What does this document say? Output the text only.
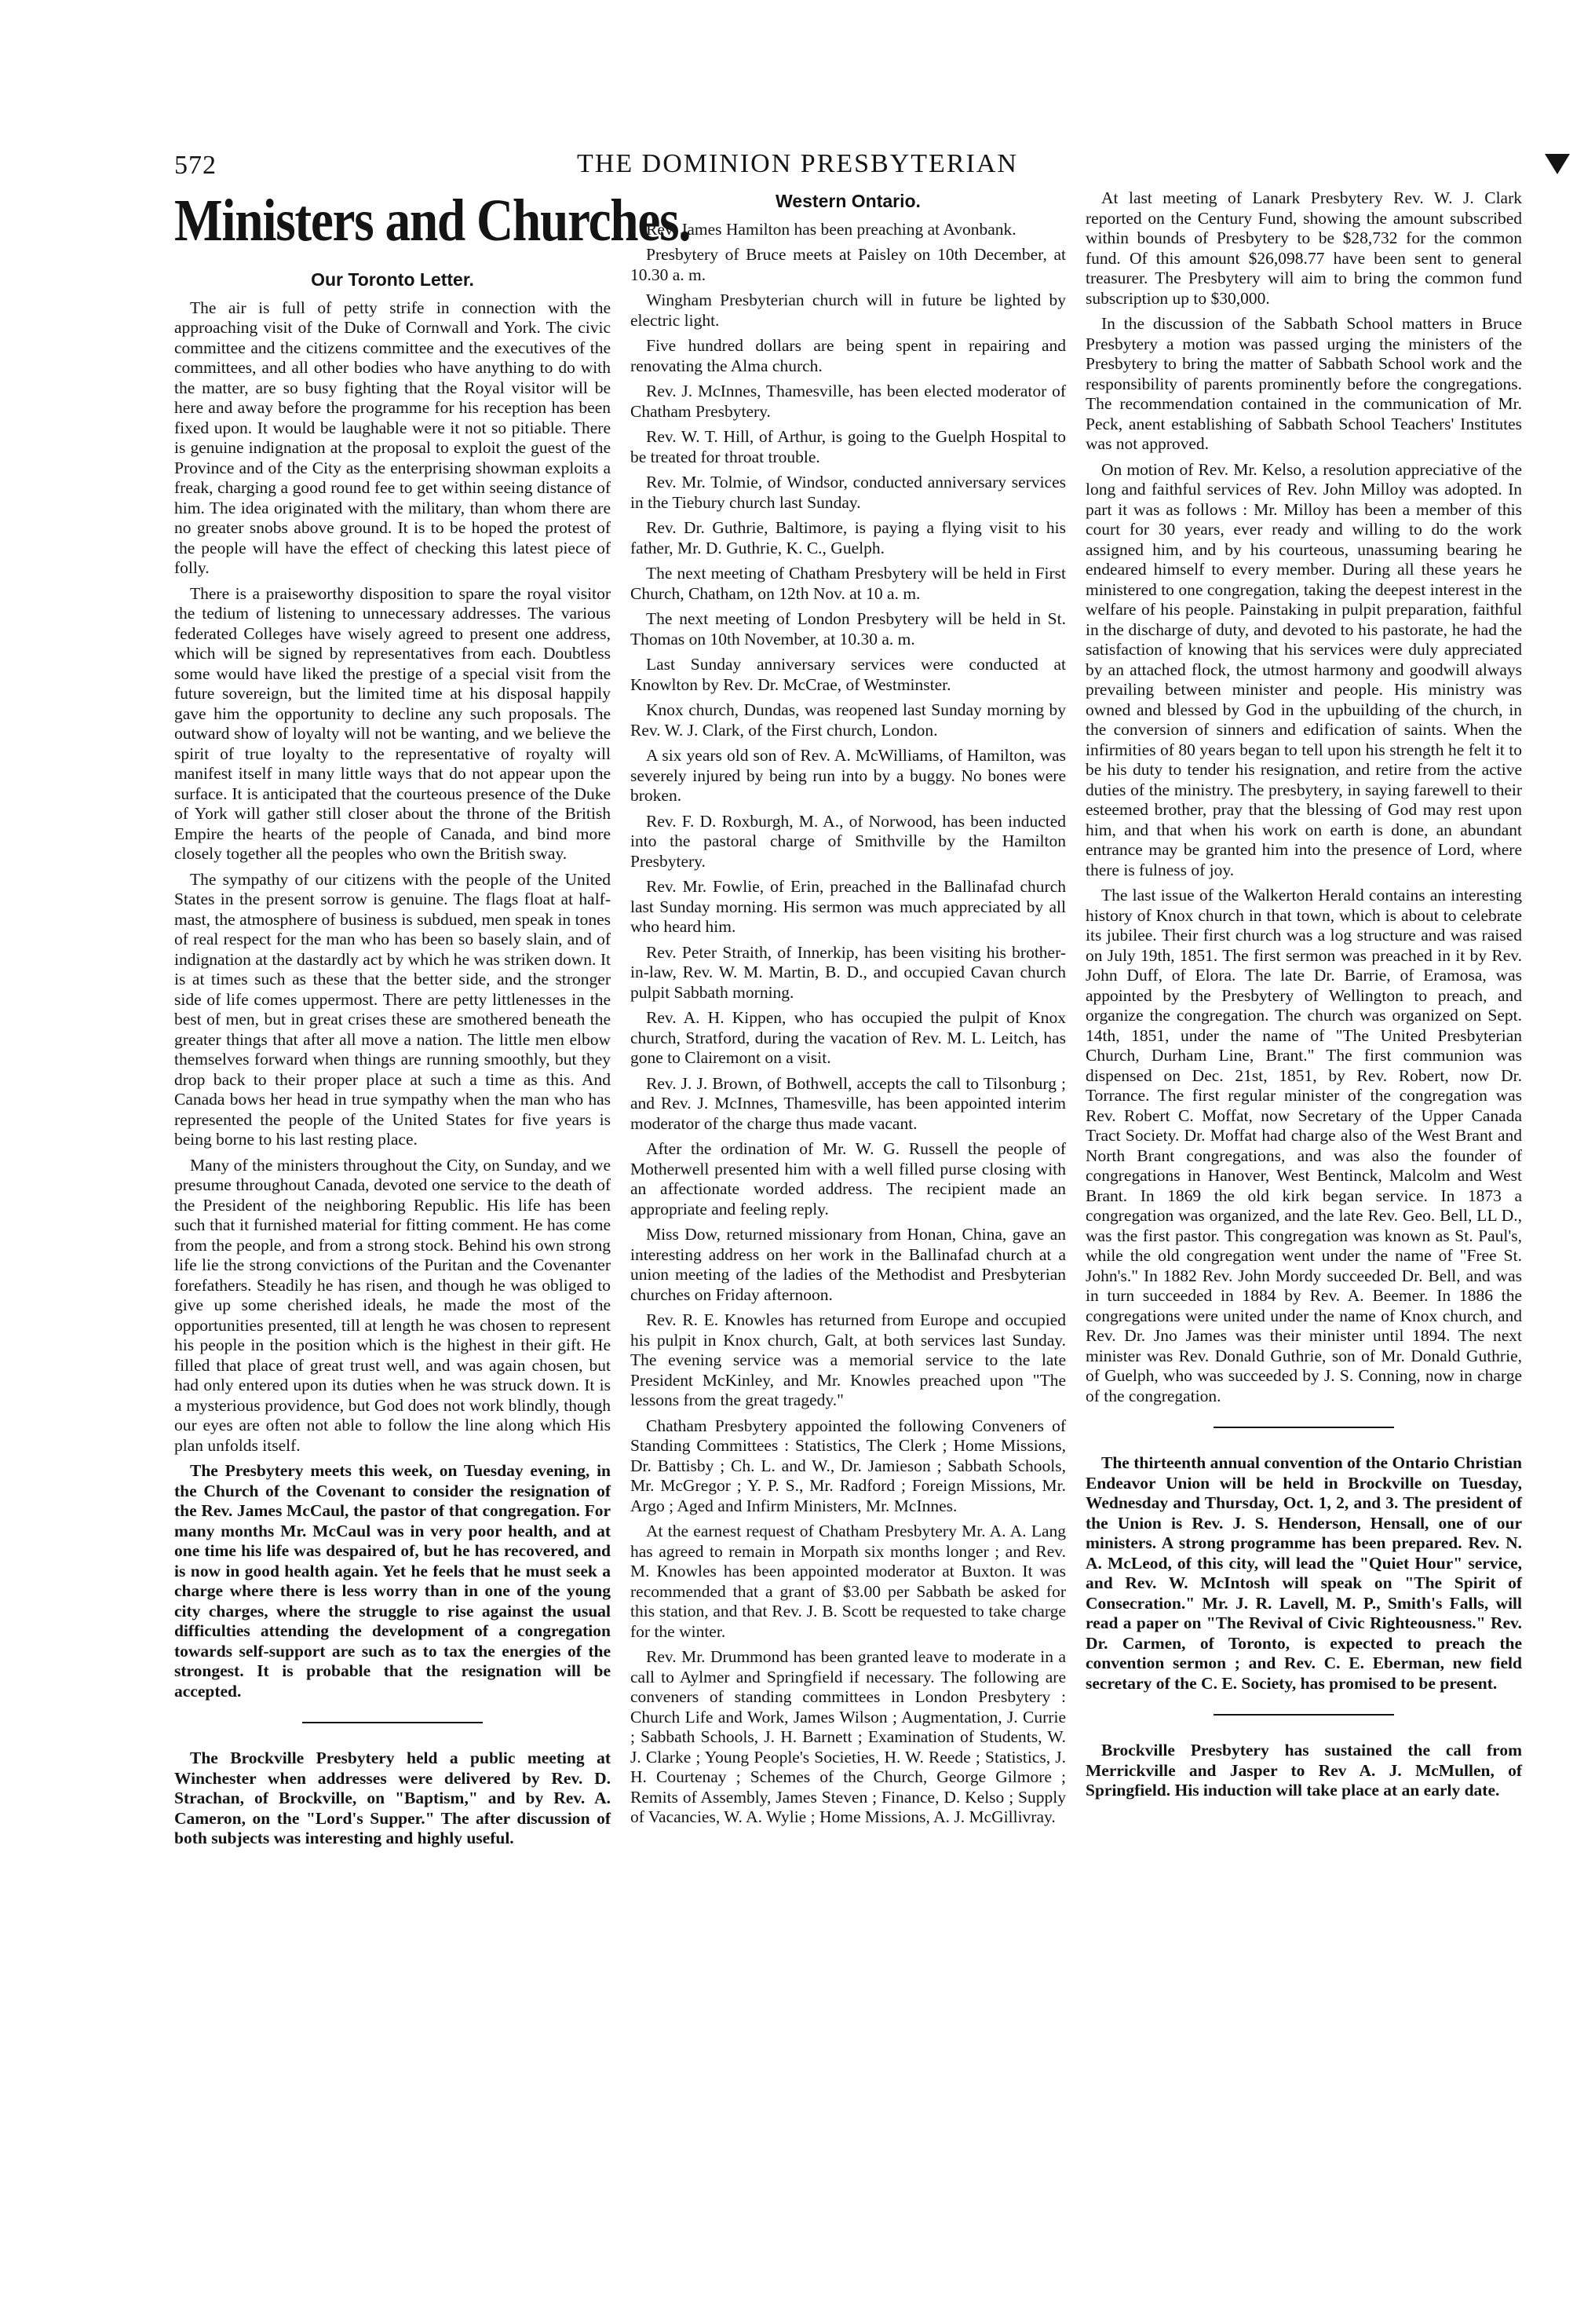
572	THE DOMINION PRESBYTERIAN
Ministers and Churches.
Our Toronto Letter.

The air is full of petty strife in connection with the approaching visit of the Duke of Cornwall and York. The civic committee and the citizens committee and the executives of the committees, and all other bodies who have anything to do with the matter, are so busy fighting that the Royal visitor will be here and away before the programme for his reception has been fixed upon. It would be laughable were it not so pitiable. There is genuine indignation at the proposal to exploit the guest of the Province and of the City as the enterprising showman exploits a freak, charging a good round fee to get within seeing distance of him. The idea originated with the military, than whom there are no greater snobs above ground. It is to be hoped the protest of the people will have the effect of checking this latest piece of folly.

There is a praiseworthy disposition to spare the royal visitor the tedium of listening to unnecessary addresses. The various federated Colleges have wisely agreed to present one address, which will be signed by representatives from each. Doubtless some would have liked the prestige of a special visit from the future sovereign, but the limited time at his disposal happily gave him the opportunity to decline any such proposals. The outward show of loyalty will not be wanting, and we believe the spirit of true loyalty to the representative of royalty will manifest itself in many little ways that do not appear upon the surface. It is anticipated that the courteous presence of the Duke of York will gather still closer about the throne of the British Empire the hearts of the people of Canada, and bind more closely together all the peoples who own the British sway.

The sympathy of our citizens with the people of the United States in the present sorrow is genuine. The flags float at half-mast, the atmosphere of business is subdued, men speak in tones of real respect for the man who has been so basely slain, and of indignation at the dastardly act by which he was striken down. It is at times such as these that the better side, and the stronger side of life comes uppermost. There are petty littlenesses in the best of men, but in great crises these are smothered beneath the greater things that after all move a nation. The little men elbow themselves forward when things are running smoothly, but they drop back to their proper place at such a time as this. And Canada bows her head in true sympathy when the man who has represented the people of the United States for five years is being borne to his last resting place.

Many of the ministers throughout the City, on Sunday, and we presume throughout Canada, devoted one service to the death of the President of the neighboring Republic. His life has been such that it furnished material for fitting comment. He has come from the people, and from a strong stock. Behind his own strong life lie the strong convictions of the Puritan and the Covenanter forefathers. Steadily he has risen, and though he was obliged to give up some cherished ideals, he made the most of the opportunities presented, till at length he was chosen to represent his people in the position which is the highest in their gift. He filled that place of great trust well, and was again chosen, but had only entered upon its duties when he was struck down. It is a mysterious providence, but God does not work blindly, though our eyes are often not able to follow the line along which His plan unfolds itself.

The Presbytery meets this week, on Tuesday evening, in the Church of the Covenant to consider the resignation of the Rev. James McCaul, the pastor of that congregation. For many months Mr. McCaul was in very poor health, and at one time his life was despaired of, but he has recovered, and is now in good health again. Yet he feels that he must seek a charge where there is less worry than in one of the young city charges, where the struggle to rise against the usual difficulties attending the development of a congregation towards self-support are such as to tax the energies of the strongest. It is probable that the resignation will be accepted.

The Brockville Presbytery held a public meeting at Winchester when addresses were delivered by Rev. D. Strachan, of Brockville, on "Baptism," and by Rev. A. Cameron, on the "Lord's Supper." The after discussion of both subjects was interesting and highly useful.

Western Ontario.

Rev. James Hamilton has been preaching at Avonbank.

Presbytery of Bruce meets at Paisley on 10th December, at 10.30 a. m.

Wingham Presbyterian church will in future be lighted by electric light.

Five hundred dollars are being spent in repairing and renovating the Alma church.

Rev. J. McInnes, Thamesville, has been elected moderator of Chatham Presbytery.

Rev. W. T. Hill, of Arthur, is going to the Guelph Hospital to be treated for throat trouble.

Rev. Mr. Tolmie, of Windsor, conducted anniversary services in the Tiebury church last Sunday.

Rev. Dr. Guthrie, Baltimore, is paying a flying visit to his father, Mr. D. Guthrie, K. C., Guelph.

The next meeting of Chatham Presbytery will be held in First Church, Chatham, on 12th Nov. at 10 a. m.

The next meeting of London Presbytery will be held in St. Thomas on 10th November, at 10.30 a. m.

Last Sunday anniversary services were conducted at Knowlton by Rev. Dr. McCrae, of Westminster.

Knox church, Dundas, was reopened last Sunday morning by Rev. W. J. Clark, of the First church, London.

A six years old son of Rev. A. McWilliams, of Hamilton, was severely injured by being run into by a buggy. No bones were broken.

Rev. F. D. Roxburgh, M. A., of Norwood, has been inducted into the pastoral charge of Smithville by the Hamilton Presbytery.

Rev. Mr. Fowlie, of Erin, preached in the Ballinafad church last Sunday morning. His sermon was much appreciated by all who heard him.

Rev. Peter Straith, of Innerkip, has been visiting his brother-in-law, Rev. W. M. Martin, B. D., and occupied Cavan church pulpit Sabbath morning.

Rev. A. H. Kippen, who has occupied the pulpit of Knox church, Stratford, during the vacation of Rev. M. L. Leitch, has gone to Clairemont on a visit.

Rev. J. J. Brown, of Bothwell, accepts the call to Tilsonburg ; and Rev. J. McInnes, Thamesville, has been appointed interim moderator of the charge thus made vacant.

After the ordination of Mr. W. G. Russell the people of Motherwell presented him with a well filled purse closing with an affectionate worded address. The recipient made an appropriate and feeling reply.

Miss Dow, returned missionary from Honan, China, gave an interesting address on her work in the Ballinafad church at a union meeting of the ladies of the Methodist and Presbyterian churches on Friday afternoon.

Rev. R. E. Knowles has returned from Europe and occupied his pulpit in Knox church, Galt, at both services last Sunday. The evening service was a memorial service to the late President McKinley, and Mr. Knowles preached upon "The lessons from the great tragedy."

Chatham Presbytery appointed the following Conveners of Standing Committees : Statistics, The Clerk ; Home Missions, Dr. Battisby ; Ch. L. and W., Dr. Jamieson ; Sabbath Schools, Mr. McGregor ; Y. P. S., Mr. Radford ; Foreign Missions, Mr. Argo ; Aged and Infirm Ministers, Mr. McInnes.

At the earnest request of Chatham Presbytery Mr. A. A. Lang has agreed to remain in Morpath six months longer ; and Rev. M. Knowles has been appointed moderator at Buxton. It was recommended that a grant of $3.00 per Sabbath be asked for this station, and that Rev. J. B. Scott be requested to take charge for the winter.

Rev. Mr. Drummond has been granted leave to moderate in a call to Aylmer and Springfield if necessary. The following are conveners of standing committees in London Presbytery : Church Life and Work, James Wilson ; Augmentation, J. Currie ; Sabbath Schools, J. H. Barnett ; Examination of Students, W. J. Clarke ; Young People's Societies, H. W. Reede ; Statistics, J. H. Courtenay ; Schemes of the Church, George Gilmore ; Remits of Assembly, James Steven ; Finance, D. Kelso ; Supply of Vacancies, W. A. Wylie ; Home Missions, A. J. McGillivray.

At last meeting of Lanark Presbytery Rev. W. J. Clark reported on the Century Fund, showing the amount subscribed within bounds of Presbytery to be $28,732 for the common fund. Of this amount $26,098.77 have been sent to general treasurer. The Presbytery will aim to bring the common fund subscription up to $30,000.

In the discussion of the Sabbath School matters in Bruce Presbytery a motion was passed urging the ministers of the Presbytery to bring the matter of Sabbath School work and the responsibility of parents prominently before the congregations. The recommendation contained in the communication of Mr. Peck, anent establishing of Sabbath School Teachers' Institutes was not approved.

On motion of Rev. Mr. Kelso, a resolution appreciative of the long and faithful services of Rev. John Milloy was adopted. In part it was as follows : Mr. Milloy has been a member of this court for 30 years, ever ready and willing to do the work assigned him, and by his courteous, unassuming bearing he endeared himself to every member. During all these years he ministered to one congregation, taking the deepest interest in the welfare of his people. Painstaking in pulpit preparation, faithful in the discharge of duty, and devoted to his pastorate, he had the satisfaction of knowing that his services were duly appreciated by an attached flock, the utmost harmony and goodwill always prevailing between minister and people. His ministry was owned and blessed by God in the upbuilding of the church, in the conversion of sinners and edification of saints. When the infirmities of 80 years began to tell upon his strength he felt it to be his duty to tender his resignation, and retire from the active duties of the ministry. The presbytery, in saying farewell to their esteemed brother, pray that the blessing of God may rest upon him, and that when his work on earth is done, an abundant entrance may be granted him into the presence of Lord, where there is fulness of joy.

The last issue of the Walkerton Herald contains an interesting history of Knox church in that town, which is about to celebrate its jubilee. Their first church was a log structure and was raised on July 19th, 1851. The first sermon was preached in it by Rev. John Duff, of Elora. The late Dr. Barrie, of Eramosa, was appointed by the Presbytery of Wellington to preach, and organize the congregation. The church was organized on Sept. 14th, 1851, under the name of "The United Presbyterian Church, Durham Line, Brant." The first communion was dispensed on Dec. 21st, 1851, by Rev. Robert, now Dr. Torrance. The first regular minister of the congregation was Rev. Robert C. Moffat, now Secretary of the Upper Canada Tract Society. Dr. Moffat had charge also of the West Brant and North Brant congregations, and was also the founder of congregations in Hanover, West Bentinck, Malcolm and West Brant. In 1869 the old kirk began service. In 1873 a congregation was organized, and the late Rev. Geo. Bell, LL D., was the first pastor. This congregation was known as St. Paul's, while the old congregation went under the name of "Free St. John's." In 1882 Rev. John Mordy succeeded Dr. Bell, and was in turn succeeded in 1884 by Rev. A. Beemer. In 1886 the congregations were united under the name of Knox church, and Rev. Dr. Jno James was their minister until 1894. The next minister was Rev. Donald Guthrie, son of Mr. Donald Guthrie, of Guelph, who was succeeded by J. S. Conning, now in charge of the congregation.

The thirteenth annual convention of the Ontario Christian Endeavor Union will be held in Brockville on Tuesday, Wednesday and Thursday, Oct. 1, 2, and 3. The president of the Union is Rev. J. S. Henderson, Hensall, one of our ministers. A strong programme has been prepared. Rev. N. A. McLeod, of this city, will lead the "Quiet Hour" service, and Rev. W. McIntosh will speak on "The Spirit of Consecration." Mr. J. R. Lavell, M. P., Smith's Falls, will read a paper on "The Revival of Civic Righteousness." Rev. Dr. Carmen, of Toronto, is expected to preach the convention sermon ; and Rev. C. E. Eberman, new field secretary of the C. E. Society, has promised to be present.

Brockville Presbytery has sustained the call from Merrickville and Jasper to Rev A. J. McMullen, of Springfield. His induction will take place at an early date.
